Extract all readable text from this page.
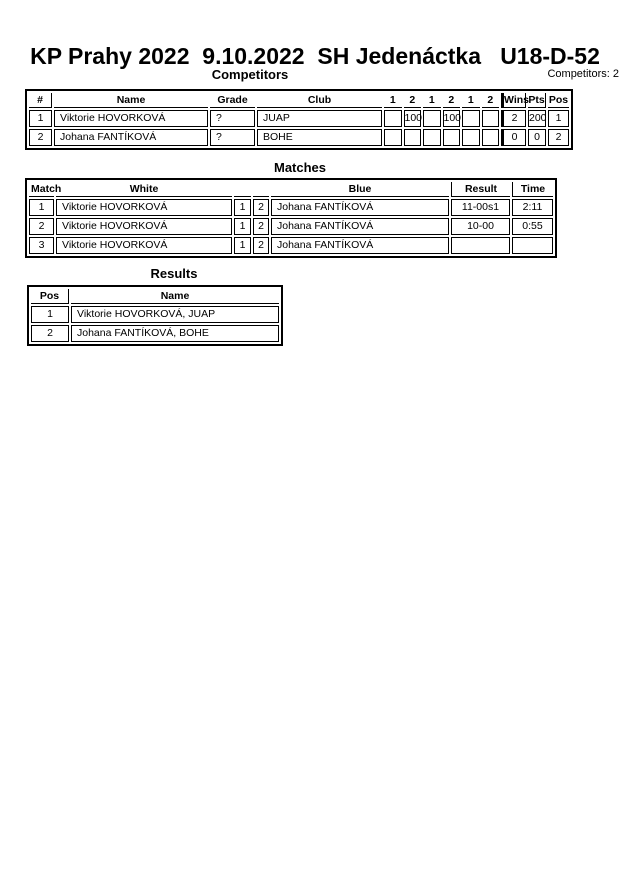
KP Prahy 2022  9.10.2022  SH Jedenáctka   U18-D-52
Competitors	Competitors: 2
#	Name	Grade	Club	1	2	1	2	1	2	Wins	Pts	Pos
1	Viktorie HOVORKOVÁ	?	JUAP		100		100			2	200	1
2	Johana FANTÍKOVÁ	?	BOHE							0	0	2
Matches
Match	White			Blue	Result	Time
1	Viktorie HOVORKOVÁ	1	2	Johana FANTÍKOVÁ	11-00s1	2:11
2	Viktorie HOVORKOVÁ	1	2	Johana FANTÍKOVÁ	10-00	0:55
3	Viktorie HOVORKOVÁ	1	2	Johana FANTÍKOVÁ		
Results
Pos	Name
1	Viktorie HOVORKOVÁ, JUAP
2	Johana FANTÍKOVÁ, BOHE
